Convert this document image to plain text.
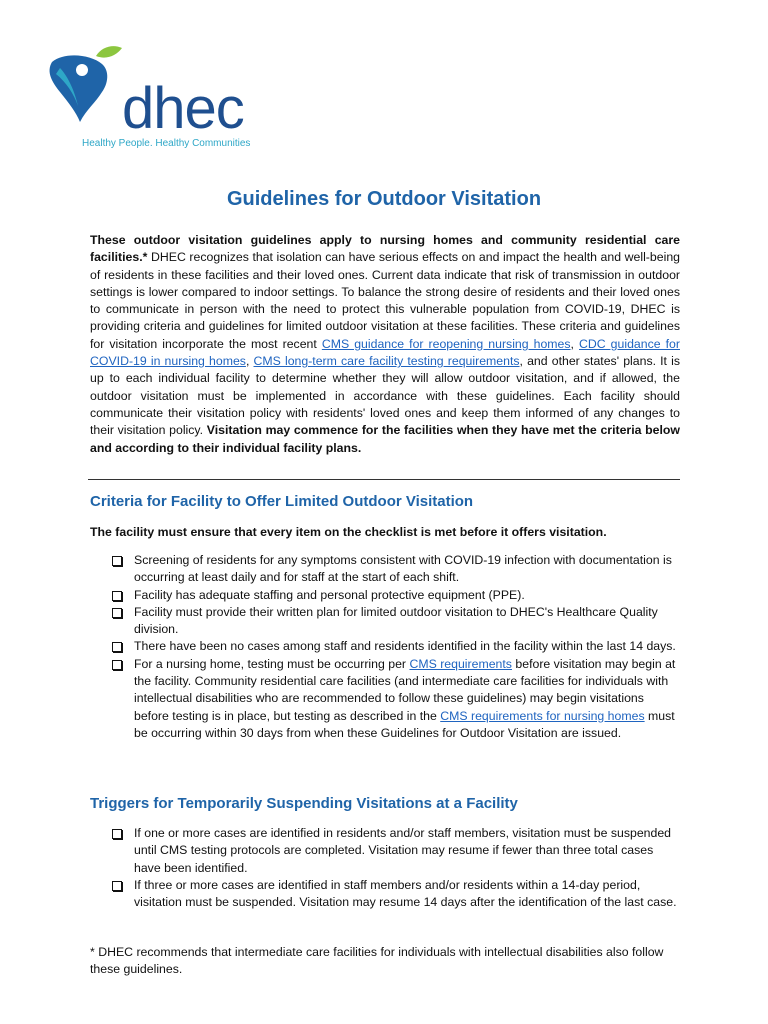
dhec
Healthy People. Healthy Communities
Guidelines for Outdoor Visitation
These outdoor visitation guidelines apply to nursing homes and community residential care facilities.* DHEC recognizes that isolation can have serious effects on and impact the health and well-being of residents in these facilities and their loved ones. Current data indicate that risk of transmission in outdoor settings is lower compared to indoor settings. To balance the strong desire of residents and their loved ones to communicate in person with the need to protect this vulnerable population from COVID-19, DHEC is providing criteria and guidelines for limited outdoor visitation at these facilities. These criteria and guidelines for visitation incorporate the most recent CMS guidance for reopening nursing homes, CDC guidance for COVID-19 in nursing homes, CMS long-term care facility testing requirements, and other states' plans. It is up to each individual facility to determine whether they will allow outdoor visitation, and if allowed, the outdoor visitation must be implemented in accordance with these guidelines. Each facility should communicate their visitation policy with residents' loved ones and keep them informed of any changes to their visitation policy. Visitation may commence for the facilities when they have met the criteria below and according to their individual facility plans.
Criteria for Facility to Offer Limited Outdoor Visitation
The facility must ensure that every item on the checklist is met before it offers visitation.
Screening of residents for any symptoms consistent with COVID-19 infection with documentation is occurring at least daily and for staff at the start of each shift.
Facility has adequate staffing and personal protective equipment (PPE).
Facility must provide their written plan for limited outdoor visitation to DHEC's Healthcare Quality division.
There have been no cases among staff and residents identified in the facility within the last 14 days.
For a nursing home, testing must be occurring per CMS requirements before visitation may begin at the facility. Community residential care facilities (and intermediate care facilities for individuals with intellectual disabilities who are recommended to follow these guidelines) may begin visitations before testing is in place, but testing as described in the CMS requirements for nursing homes must be occurring within 30 days from when these Guidelines for Outdoor Visitation are issued.
Triggers for Temporarily Suspending Visitations at a Facility
If one or more cases are identified in residents and/or staff members, visitation must be suspended until CMS testing protocols are completed. Visitation may resume if fewer than three total cases have been identified.
If three or more cases are identified in staff members and/or residents within a 14-day period, visitation must be suspended. Visitation may resume 14 days after the identification of the last case.
* DHEC recommends that intermediate care facilities for individuals with intellectual disabilities also follow these guidelines.
